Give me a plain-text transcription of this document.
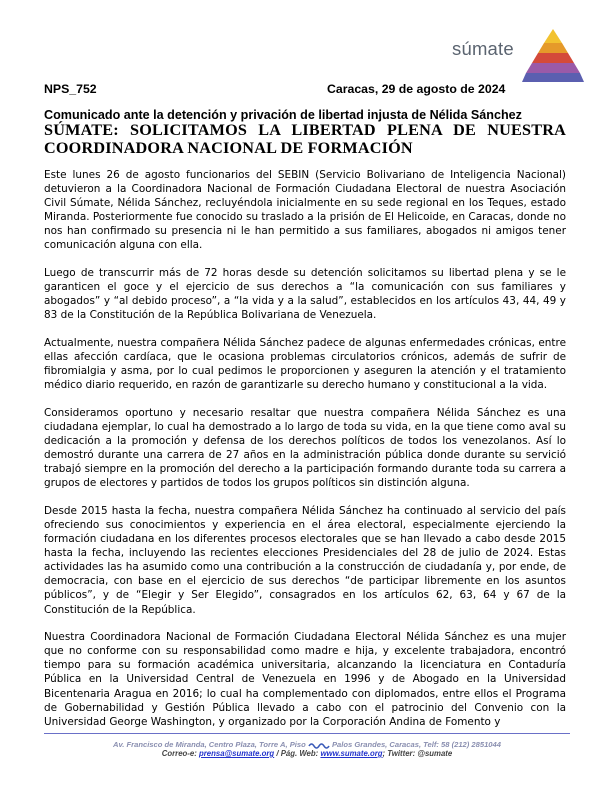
súmate
NPS_752	Caracas, 29 de agosto de 2024
Comunicado ante la detención y privación de libertad injusta de Nélida Sánchez
SÚMATE: SOLICITAMOS LA LIBERTAD PLENA DE NUESTRA COORDINADORA NACIONAL DE FORMACIÓN

Este lunes 26 de agosto funcionarios del SEBIN (Servicio Bolivariano de Inteligencia Nacional) detuvieron a la Coordinadora Nacional de Formación Ciudadana Electoral de nuestra Asociación Civil Súmate, Nélida Sánchez, recluyéndola inicialmente en su sede regional en los Teques, estado Miranda. Posteriormente fue conocido su traslado a la prisión de El Helicoide, en Caracas, donde no nos han confirmado su presencia ni le han permitido a sus familiares, abogados ni amigos tener comunicación alguna con ella.

Luego de transcurrir más de 72 horas desde su detención solicitamos su libertad plena y se le garanticen el goce y el ejercicio de sus derechos a “la comunicación con sus familiares y abogados” y “al debido proceso”, a “la vida y a la salud”, establecidos en los artículos 43, 44, 49 y 83 de la Constitución de la República Bolivariana de Venezuela.

Actualmente, nuestra compañera Nélida Sánchez padece de algunas enfermedades crónicas, entre ellas afección cardíaca, que le ocasiona problemas circulatorios crónicos, además de sufrir de fibromialgia y asma, por lo cual pedimos le proporcionen y aseguren la atención y el tratamiento médico diario requerido, en razón de garantizarle su derecho humano y constitucional a la vida.

Consideramos oportuno y necesario resaltar que nuestra compañera Nélida Sánchez es una ciudadana ejemplar, lo cual ha demostrado a lo largo de toda su vida, en la que tiene como aval su dedicación a la promoción y defensa de los derechos políticos de todos los venezolanos. Así lo demostró durante una carrera de 27 años en la administración pública donde durante su servició trabajó siempre en la promoción del derecho a la participación formando durante toda su carrera a grupos de electores y partidos de todos los grupos políticos sin distinción alguna.

Desde 2015 hasta la fecha, nuestra compañera Nélida Sánchez ha continuado al servicio del país ofreciendo sus conocimientos y experiencia en el área electoral, especialmente ejerciendo la formación ciudadana en los diferentes procesos electorales que se han llevado a cabo desde 2015 hasta la fecha, incluyendo las recientes elecciones Presidenciales del 28 de julio de 2024. Estas actividades las ha asumido como una contribución a la construcción de ciudadanía y, por ende, de democracia, con base en el ejercicio de sus derechos “de participar libremente en los asuntos públicos”, y de “Elegir y Ser Elegido”, consagrados en los artículos 62, 63, 64 y 67 de la Constitución de la República.

Nuestra Coordinadora Nacional de Formación Ciudadana Electoral Nélida Sánchez es una mujer que no conforme con su responsabilidad como madre e hija, y excelente trabajadora, encontró tiempo para su formación académica universitaria, alcanzando la licenciatura en Contaduría Pública en la Universidad Central de Venezuela en 1996 y de Abogado en la Universidad Bicentenaria Aragua en 2016; lo cual ha complementado con diplomados, entre ellos el Programa de Gobernabilidad y Gestión Pública llevado a cabo con el patrocinio del Convenio con la Universidad George Washington, y organizado por la Corporación Andina de Fomento y

Av. Francisco de Miranda, Centro Plaza, Torre A, Piso	Palos Grandes, Caracas, Telf: 58 (212) 2851044
Correo-e: prensa@sumate.org / Pág. Web: www.sumate.org; Twitter: @sumate
